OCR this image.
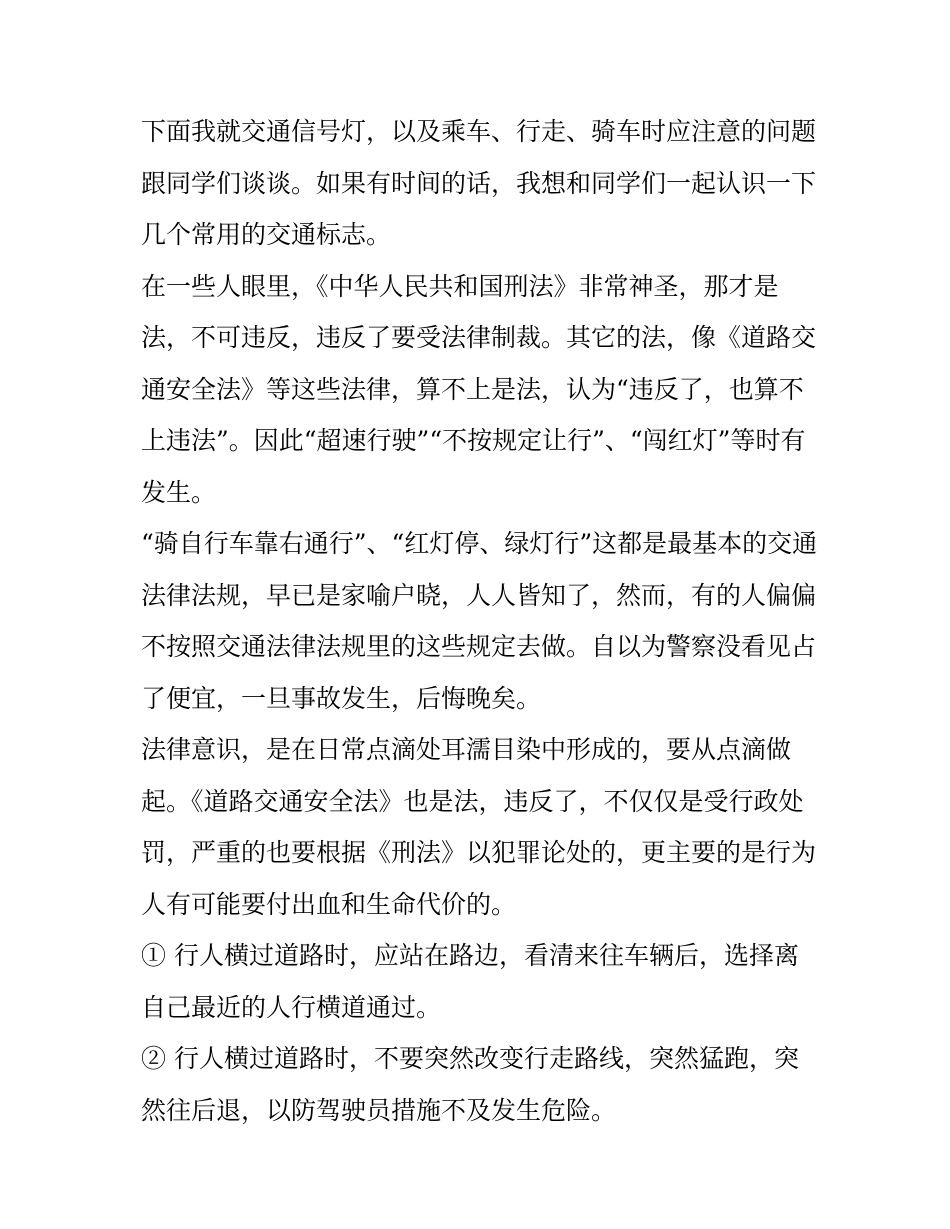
下面我就交通信号灯，以及乘车、行走、骑车时应注意的问题
跟同学们谈谈。如果有时间的话，我想和同学们一起认识一下
几个常用的交通标志。
在一些人眼里，《中华人民共和国刑法》非常神圣，那才是
法，不可违反，违反了要受法律制裁。其它的法，像《道路交
通安全法》等这些法律，算不上是法，认为“违反了，也算不
上违法”。因此“超速行驶”“不按规定让行”、“闯红灯”等时有
发生。
“骑自行车靠右通行”、“红灯停、绿灯行”这都是最基本的交通
法律法规，早已是家喻户晓，人人皆知了，然而，有的人偏偏
不按照交通法律法规里的这些规定去做。自以为警察没看见占
了便宜，一旦事故发生，后悔晚矣。
法律意识，是在日常点滴处耳濡目染中形成的，要从点滴做
起。《道路交通安全法》也是法，违反了，不仅仅是受行政处
罚，严重的也要根据《刑法》以犯罪论处的，更主要的是行为
人有可能要付出血和生命代价的。
① 行人横过道路时，应站在路边，看清来往车辆后，选择离
自己最近的人行横道通过。
② 行人横过道路时，不要突然改变行走路线，突然猛跑，突
然往后退，以防驾驶员措施不及发生危险。
